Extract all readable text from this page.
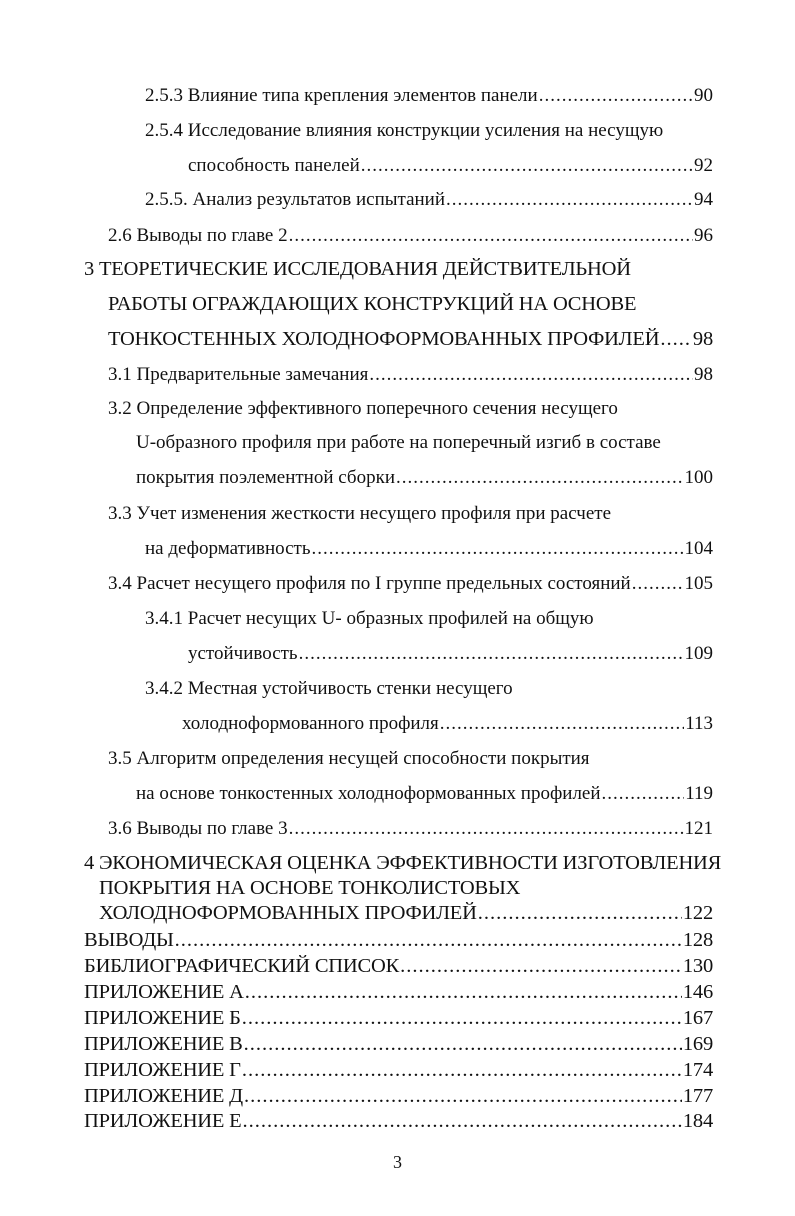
2.5.3 Влияние типа крепления элементов панели .....	90
2.5.4 Исследование влияния конструкции усиления на несущую
способность панелей .....	92
2.5.5. Анализ результатов испытаний .....	94
2.6 Выводы по главе 2 .....	96
3 ТЕОРЕТИЧЕСКИЕ ИССЛЕДОВАНИЯ ДЕЙСТВИТЕЛЬНОЙ
РАБОТЫ ОГРАЖДАЮЩИХ КОНСТРУКЦИЙ НА ОСНОВЕ
ТОНКОСТЕННЫХ ХОЛОДНОФОРМОВАННЫХ ПРОФИЛЕЙ ..... 98
3.1 Предварительные замечания .....	98
3.2 Определение эффективного поперечного сечения несущего
U-образного профиля при работе на поперечный изгиб в составе
покрытия поэлементной сборки .....	100
3.3 Учет изменения жесткости несущего профиля при расчете
на деформативность .....	104
3.4 Расчет несущего профиля по I группе предельных состояний .....	105
3.4.1 Расчет несущих U- образных профилей на общую
устойчивость .....	109
3.4.2 Местная устойчивость стенки несущего
холодноформованного профиля .....	113
3.5 Алгоритм определения несущей способности покрытия
на основе тонкостенных холодноформованных профилей .....	119
3.6 Выводы по главе 3 .....	121
4 ЭКОНОМИЧЕСКАЯ ОЦЕНКА ЭФФЕКТИВНОСТИ ИЗГОТОВЛЕНИЯ
ПОКРЫТИЯ НА ОСНОВЕ ТОНКОЛИСТОВЫХ
ХОЛОДНОФОРМОВАННЫХ ПРОФИЛЕЙ .....	122
ВЫВОДЫ .....	128
БИБЛИОГРАФИЧЕСКИЙ СПИСОК .....	130
ПРИЛОЖЕНИЕ А .....	146
ПРИЛОЖЕНИЕ Б .....	167
ПРИЛОЖЕНИЕ В .....	169
ПРИЛОЖЕНИЕ Г .....	174
ПРИЛОЖЕНИЕ Д .....	177
ПРИЛОЖЕНИЕ Е .....	184
3
